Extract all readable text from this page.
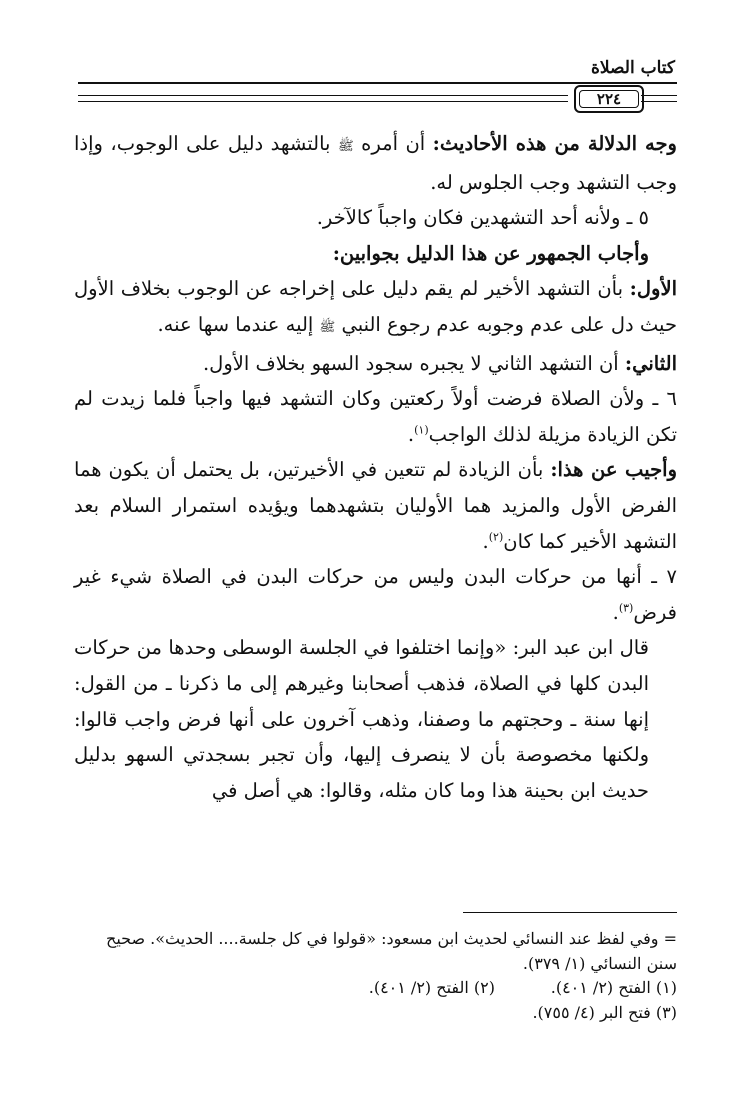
كتاب الصلاة
٢٢٤

وجه الدلالة من هذه الأحاديث: أن أمره ﷺ بالتشهد دليل على الوجوب، وإذا وجب التشهد وجب الجلوس له.

٥ ـ ولأنه أحد التشهدين فكان واجباً كالآخر.

وأجاب الجمهور عن هذا الدليل بجوابين:

الأول: بأن التشهد الأخير لم يقم دليل على إخراجه عن الوجوب بخلاف الأول حيث دل على عدم وجوبه عدم رجوع النبي ﷺ إليه عندما سها عنه.

الثاني: أن التشهد الثاني لا يجبره سجود السهو بخلاف الأول.

٦ ـ ولأن الصلاة فرضت أولاً ركعتين وكان التشهد فيها واجباً فلما زيدت لم تكن الزيادة مزيلة لذلك الواجب$^{(١)}$.

وأجيب عن هذا: بأن الزيادة لم تتعين في الأخيرتين، بل يحتمل أن يكون هما الفرض الأول والمزيد هما الأوليان بتشهدهما ويؤيده استمرار السلام بعد التشهد الأخير كما كان$^{(٢)}$.

٧ ـ أنها من حركات البدن وليس من حركات البدن في الصلاة شيء غير فرض$^{(٣)}$.

قال ابن عبد البر: «وإنما اختلفوا في الجلسة الوسطى وحدها من حركات البدن كلها في الصلاة، فذهب أصحابنا وغيرهم إلى ما ذكرنا ـ من القول: إنها سنة ـ وحجتهم ما وصفنا، وذهب آخرون على أنها فرض واجب قالوا: ولكنها مخصوصة بأن لا ينصرف إليها، وأن تجبر بسجدتي السهو بدليل حديث ابن بحينة هذا وما كان مثله، وقالوا: هي أصل في

= وفي لفظ عند النسائي لحديث ابن مسعود: «قولوا في كل جلسة.... الحديث». صحيح سنن النسائي (١/ ٣٧٩).

(١) الفتح (٢/ ٤٠١).
(٢) الفتح (٢/ ٤٠١).

(٣) فتح البر (٤/ ٧٥٥).
